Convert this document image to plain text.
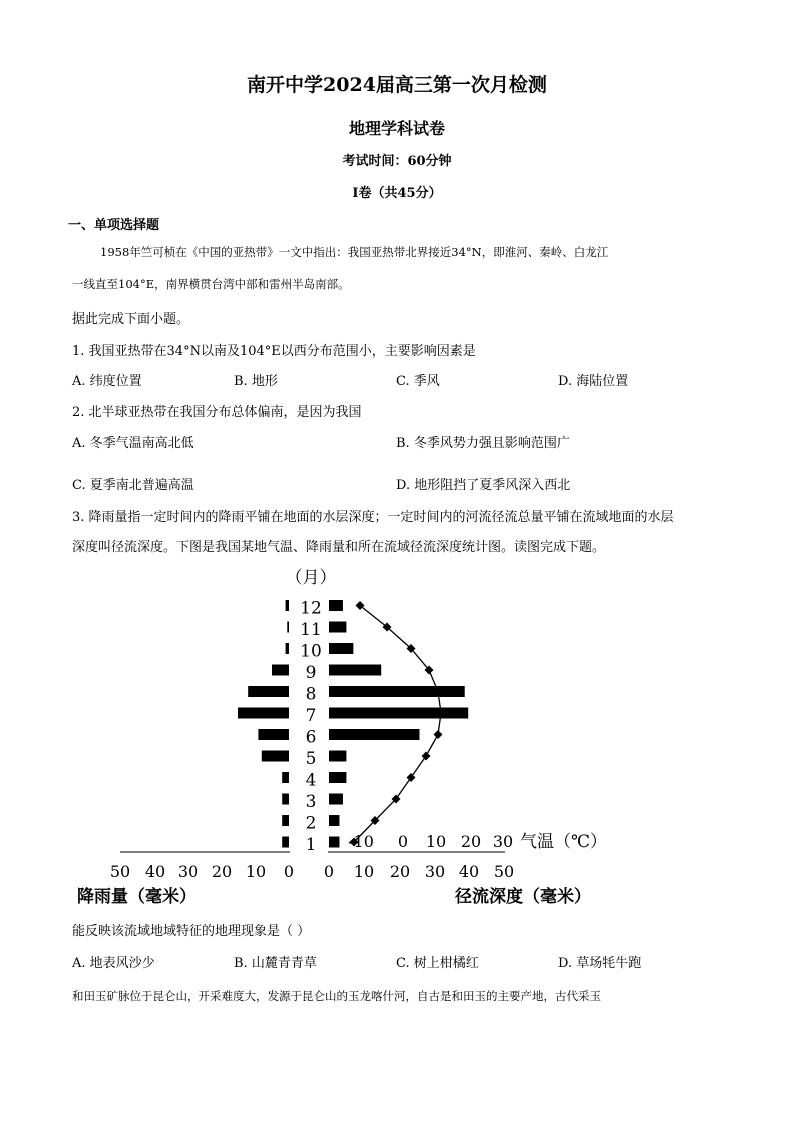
南开中学2024届高三第一次月检测
地理学科试卷
考试时间：60分钟
I卷（共45分）
一、单项选择题
1958年竺可桢在《中国的亚热带》一文中指出：我国亚热带北界接近34°N，即淮河、秦岭、白龙江
一线直至104°E，南界横贯台湾中部和雷州半岛南部。
据此完成下面小题。
1. 我国亚热带在34°N以南及104°E以西分布范围小，主要影响因素是
A. 纬度位置	B. 地形	C. 季风	D. 海陆位置
2. 北半球亚热带在我国分布总体偏南，是因为我国
A. 冬季气温南高北低	B. 冬季风势力强且影响范围广
C. 夏季南北普遍高温	D. 地形阻挡了夏季风深入西北
3. 降雨量指一定时间内的降雨平铺在地面的水层深度；一定时间内的河流径流总量平铺在流域地面的水层
深度叫径流深度。下图是我国某地气温、降雨量和所在流域径流深度统计图。读图完成下题。
（月）
1
2
3
4
5
6
7
8
9
10
11
12
50 40 30 20 10 0 0 10 20 30 40 50
-10 0 10 20 30 气温（℃）
降雨量（毫米）	径流深度（毫米）
能反映该流域地域特征的地理现象是（ ）
A. 地表风沙少	B. 山麓青青草	C. 树上柑橘红	D. 草场牦牛跑
和田玉矿脉位于昆仑山，开采难度大，发源于昆仑山的玉龙喀什河，自古是和田玉的主要产地，古代采玉
